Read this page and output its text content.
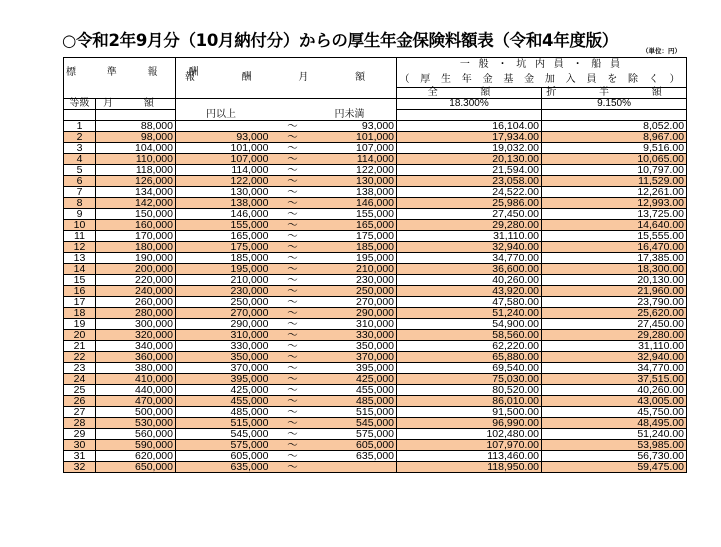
○令和2年9月分（10月納付分）からの厚生年金保険料額表（令和4年度版）
（単位：円）
標 準 報 酬		報 酬 月 額			一 般 ・ 坑 内 員 ・ 船 員	
					（ 厚 生 年 金 基 金 加 入 員 を 除 く ）	
					全 額	折 半 額
等級	月 額				18.300%	9.150%
		円以上		円未満		
1	88,000		～	93,000	16,104.00	8,052.00
2	98,000	93,000	～	101,000	17,934.00	8,967.00
3	104,000	101,000	～	107,000	19,032.00	9,516.00
4	110,000	107,000	～	114,000	20,130.00	10,065.00
5	118,000	114,000	～	122,000	21,594.00	10,797.00
6	126,000	122,000	～	130,000	23,058.00	11,529.00
7	134,000	130,000	～	138,000	24,522.00	12,261.00
8	142,000	138,000	～	146,000	25,986.00	12,993.00
9	150,000	146,000	～	155,000	27,450.00	13,725.00
10	160,000	155,000	～	165,000	29,280.00	14,640.00
11	170,000	165,000	～	175,000	31,110.00	15,555.00
12	180,000	175,000	～	185,000	32,940.00	16,470.00
13	190,000	185,000	～	195,000	34,770.00	17,385.00
14	200,000	195,000	～	210,000	36,600.00	18,300.00
15	220,000	210,000	～	230,000	40,260.00	20,130.00
16	240,000	230,000	～	250,000	43,920.00	21,960.00
17	260,000	250,000	～	270,000	47,580.00	23,790.00
18	280,000	270,000	～	290,000	51,240.00	25,620.00
19	300,000	290,000	～	310,000	54,900.00	27,450.00
20	320,000	310,000	～	330,000	58,560.00	29,280.00
21	340,000	330,000	～	350,000	62,220.00	31,110.00
22	360,000	350,000	～	370,000	65,880.00	32,940.00
23	380,000	370,000	～	395,000	69,540.00	34,770.00
24	410,000	395,000	～	425,000	75,030.00	37,515.00
25	440,000	425,000	～	455,000	80,520.00	40,260.00
26	470,000	455,000	～	485,000	86,010.00	43,005.00
27	500,000	485,000	～	515,000	91,500.00	45,750.00
28	530,000	515,000	～	545,000	96,990.00	48,495.00
29	560,000	545,000	～	575,000	102,480.00	51,240.00
30	590,000	575,000	～	605,000	107,970.00	53,985.00
31	620,000	605,000	～	635,000	113,460.00	56,730.00
32	650,000	635,000	～		118,950.00	59,475.00
